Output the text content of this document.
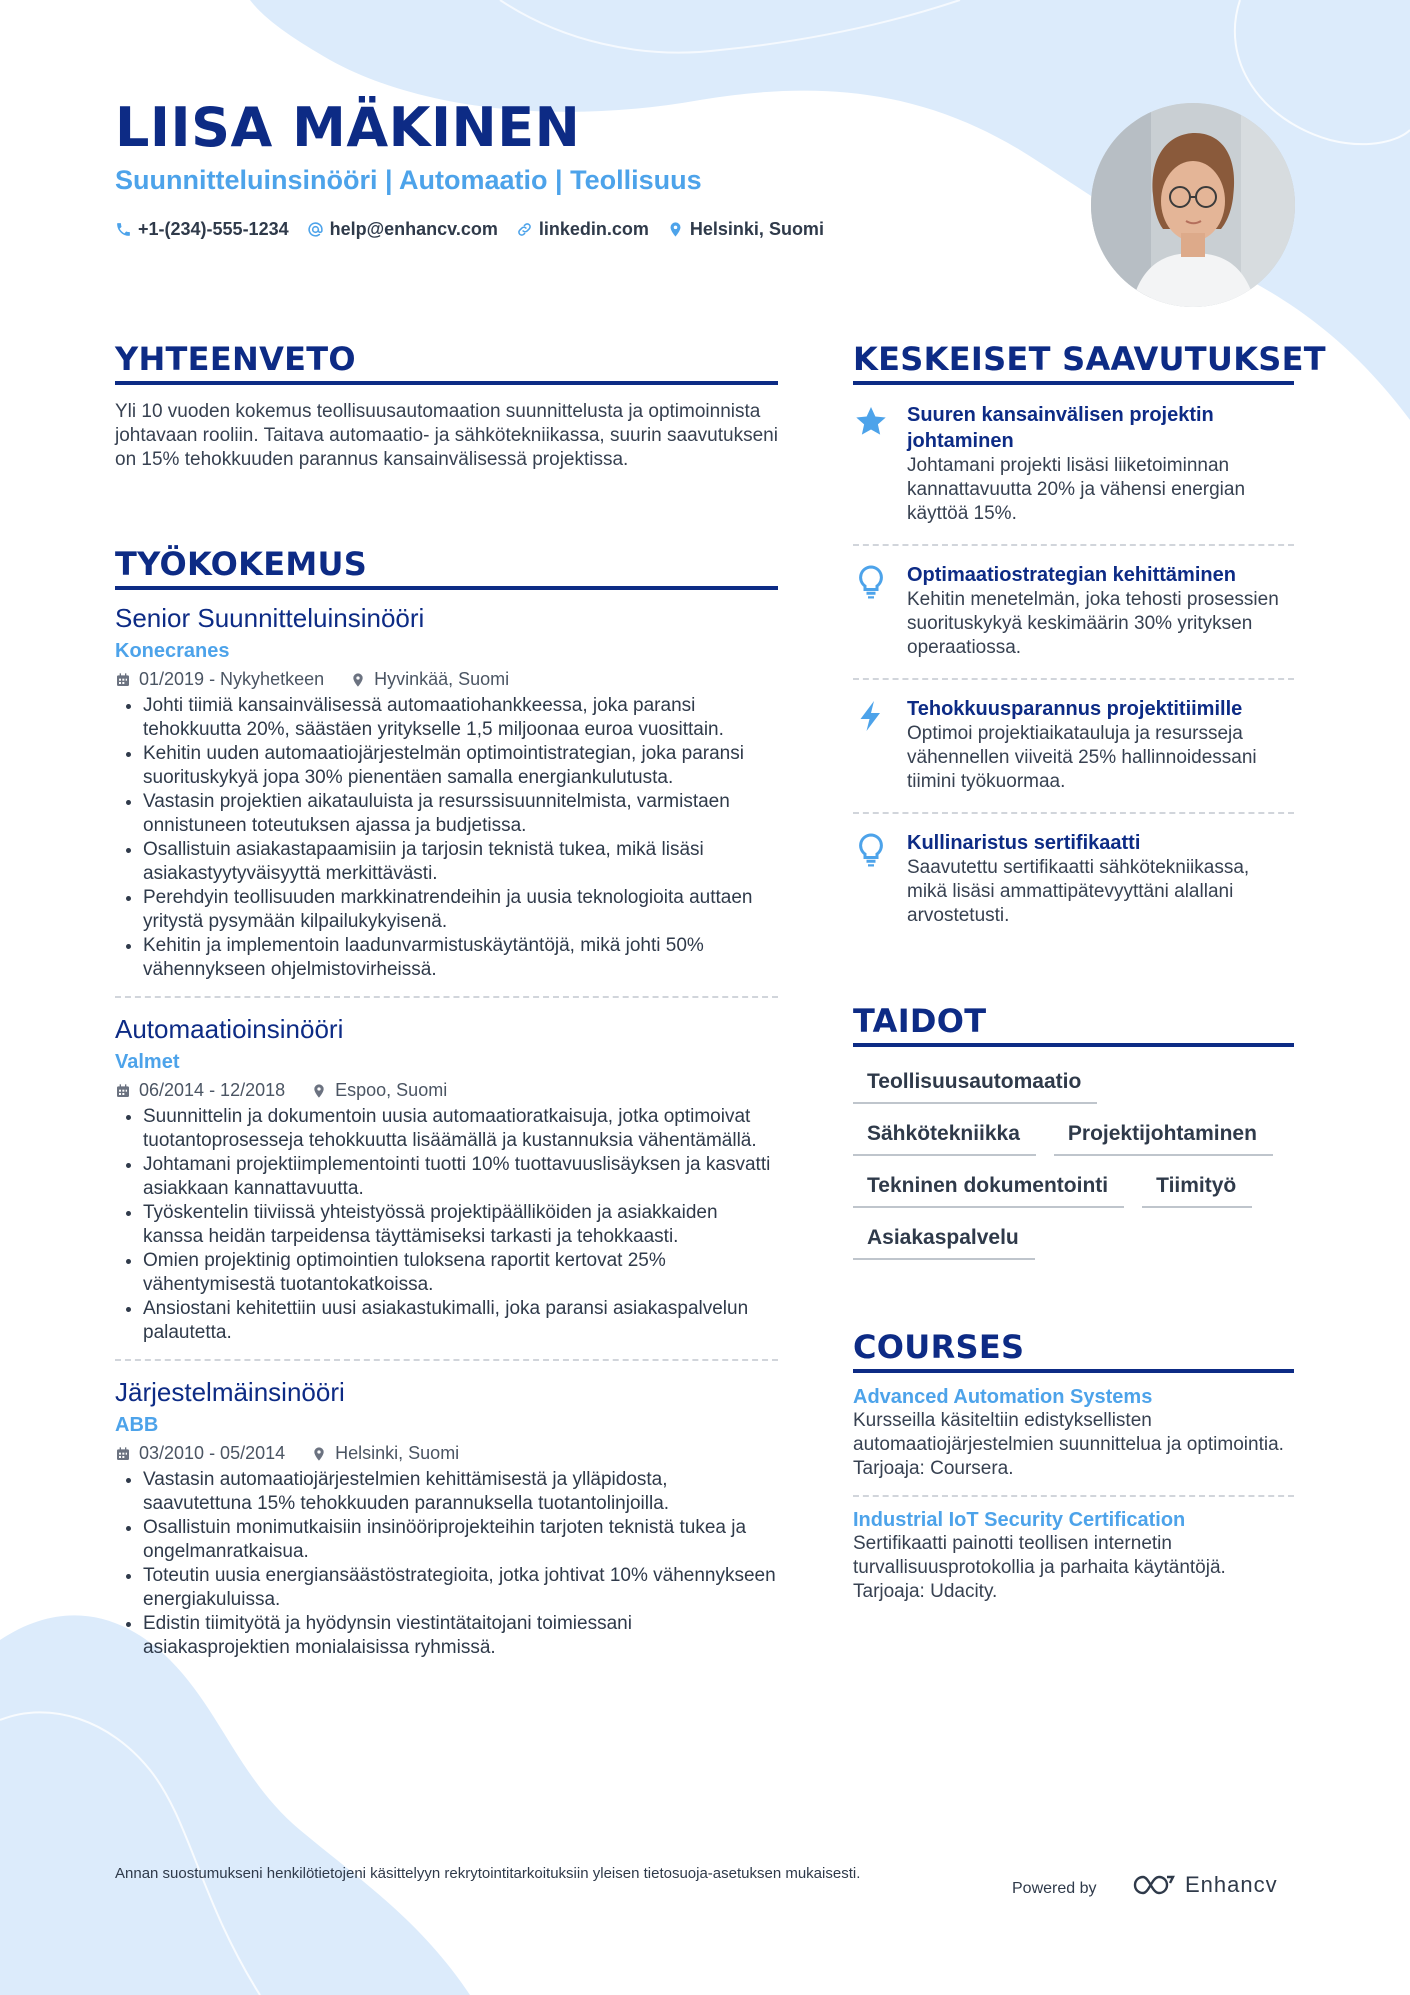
LIISA MÄKINEN
Suunnitteluinsinööri | Automaatio | Teollisuus
+1-(234)-555-1234 help@enhancv.com linkedin.com Helsinki, Suomi
YHTEENVETO

Yli 10 vuoden kokemus teollisuusautomaation suunnittelusta ja optimoinnista johtavaan rooliin. Taitava automaatio- ja sähkötekniikassa, suurin saavutukseni on 15% tehokkuuden parannus kansainvälisessä projektissa.

TYÖKOKEMUS
Senior Suunnitteluinsinööri
Konecranes
01/2019 - Nykyhetkeen	Hyvinkää, Suomi
• Johti tiimiä kansainvälisessä automaatiohankkeessa, joka paransi tehokkuutta 20%, säästäen yritykselle 1,5 miljoonaa euroa vuosittain.
• Kehitin uuden automaatiojärjestelmän optimointistrategian, joka paransi suorituskykyä jopa 30% pienentäen samalla energiankulutusta.
• Vastasin projektien aikatauluista ja resurssisuunnitelmista, varmistaen onnistuneen toteutuksen ajassa ja budjetissa.
• Osallistuin asiakastapaamisiin ja tarjosin teknistä tukea, mikä lisäsi asiakastyytyväisyyttä merkittävästi.
• Perehdyin teollisuuden markkinatrendeihin ja uusia teknologioita auttaen yritystä pysymään kilpailukykyisenä.
• Kehitin ja implementoin laadunvarmistuskäytäntöjä, mikä johti 50% vähennykseen ohjelmistovirheissä.
Automaatioinsinööri
Valmet
06/2014 - 12/2018	Espoo, Suomi
• Suunnittelin ja dokumentoin uusia automaatioratkaisuja, jotka optimoivat tuotantoprosesseja tehokkuutta lisäämällä ja kustannuksia vähentämällä.
• Johtamani projektiimplementointi tuotti 10% tuottavuuslisäyksen ja kasvatti asiakkaan kannattavuutta.
• Työskentelin tiiviissä yhteistyössä projektipäälliköiden ja asiakkaiden kanssa heidän tarpeidensa täyttämiseksi tarkasti ja tehokkaasti.
• Omien projektinig optimointien tuloksena raportit kertovat 25% vähentymisestä tuotantokatkoissa.
• Ansiostani kehitettiin uusi asiakastukimalli, joka paransi asiakaspalvelun palautetta.
Järjestelmäinsinööri
ABB
03/2010 - 05/2014	Helsinki, Suomi
• Vastasin automaatiojärjestelmien kehittämisestä ja ylläpidosta, saavutettuna 15% tehokkuuden parannuksella tuotantolinjoilla.
• Osallistuin monimutkaisiin insinööriprojekteihin tarjoten teknistä tukea ja ongelmanratkaisua.
• Toteutin uusia energiansäästöstrategioita, jotka johtivat 10% vähennykseen energiakuluissa.
• Edistin tiimityötä ja hyödynsin viestintätaitojani toimiessani asiakasprojektien monialaisissa ryhmissä.
KESKEISET SAAVUTUKSET
Suuren kansainvälisen projektin johtaminen
Johtamani projekti lisäsi liiketoiminnan kannattavuutta 20% ja vähensi energian käyttöä 15%.
Optimaatiostrategian kehittäminen
Kehitin menetelmän, joka tehosti prosessien suorituskykyä keskimäärin 30% yrityksen operaatiossa.
Tehokkuusparannus projektitiimille
Optimoi projektiaikatauluja ja resursseja vähennellen viiveitä 25% hallinnoidessani tiimini työkuormaa.
Kullinaristus sertifikaatti
Saavutettu sertifikaatti sähkötekniikassa, mikä lisäsi ammattipätevyyttäni alallani arvostetusti.
TAIDOT
Teollisuusautomaatio
Sähkötekniikka	Projektijohtaminen
Tekninen dokumentointi	Tiimityö
Asiakaspalvelu
COURSES
Advanced Automation Systems
Kursseilla käsiteltiin edistyksellisten automaatiojärjestelmien suunnittelua ja optimointia. Tarjoaja: Coursera.
Industrial IoT Security Certification
Sertifikaatti painotti teollisen internetin turvallisuusprotokollia ja parhaita käytäntöjä. Tarjoaja: Udacity.
Annan suostumukseni henkilötietojeni käsittelyyn rekrytointitarkoituksiin yleisen tietosuoja-asetuksen mukaisesti.
Powered by	Enhancv
